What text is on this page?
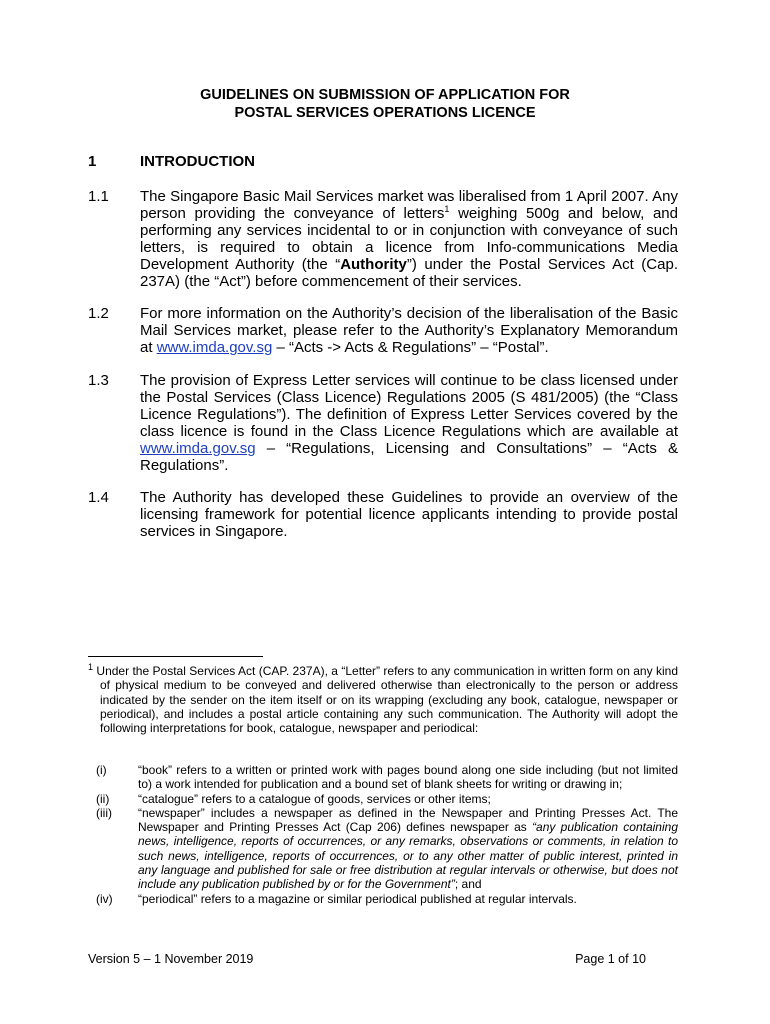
GUIDELINES ON SUBMISSION OF APPLICATION FOR
POSTAL SERVICES OPERATIONS LICENCE
1	INTRODUCTION
1.1	The Singapore Basic Mail Services market was liberalised from 1 April 2007. Any person providing the conveyance of letters$^1$ weighing 500g and below, and performing any services incidental to or in conjunction with conveyance of such letters, is required to obtain a licence from Info-communications Media Development Authority (the “Authority”) under the Postal Services Act (Cap. 237A) (the “Act”) before commencement of their services.
1.2	For more information on the Authority’s decision of the liberalisation of the Basic Mail Services market, please refer to the Authority’s Explanatory Memorandum at www.imda.gov.sg – “Acts -> Acts & Regulations” – “Postal”.
1.3	The provision of Express Letter services will continue to be class licensed under the Postal Services (Class Licence) Regulations 2005 (S 481/2005) (the “Class Licence Regulations”). The definition of Express Letter Services covered by the class licence is found in the Class Licence Regulations which are available at www.imda.gov.sg – “Regulations, Licensing and Consultations” – “Acts & Regulations”.
1.4	The Authority has developed these Guidelines to provide an overview of the licensing framework for potential licence applicants intending to provide postal services in Singapore.
$^1$ Under the Postal Services Act (CAP. 237A), a “Letter” refers to any communication in written form on any kind of physical medium to be conveyed and delivered otherwise than electronically to the person or address indicated by the sender on the item itself or on its wrapping (excluding any book, catalogue, newspaper or periodical), and includes a postal article containing any such communication. The Authority will adopt the following interpretations for book, catalogue, newspaper and periodical:
(i)	“book” refers to a written or printed work with pages bound along one side including (but not limited to) a work intended for publication and a bound set of blank sheets for writing or drawing in;
(ii)	“catalogue” refers to a catalogue of goods, services or other items;
(iii)	“newspaper” includes a newspaper as defined in the Newspaper and Printing Presses Act. The Newspaper and Printing Presses Act (Cap 206) defines newspaper as “any publication containing news, intelligence, reports of occurrences, or any remarks, observations or comments, in relation to such news, intelligence, reports of occurrences, or to any other matter of public interest, printed in any language and published for sale or free distribution at regular intervals or otherwise, but does not include any publication published by or for the Government”; and
(iv)	“periodical” refers to a magazine or similar periodical published at regular intervals.
Version 5 – 1 November 2019	Page 1 of 10
